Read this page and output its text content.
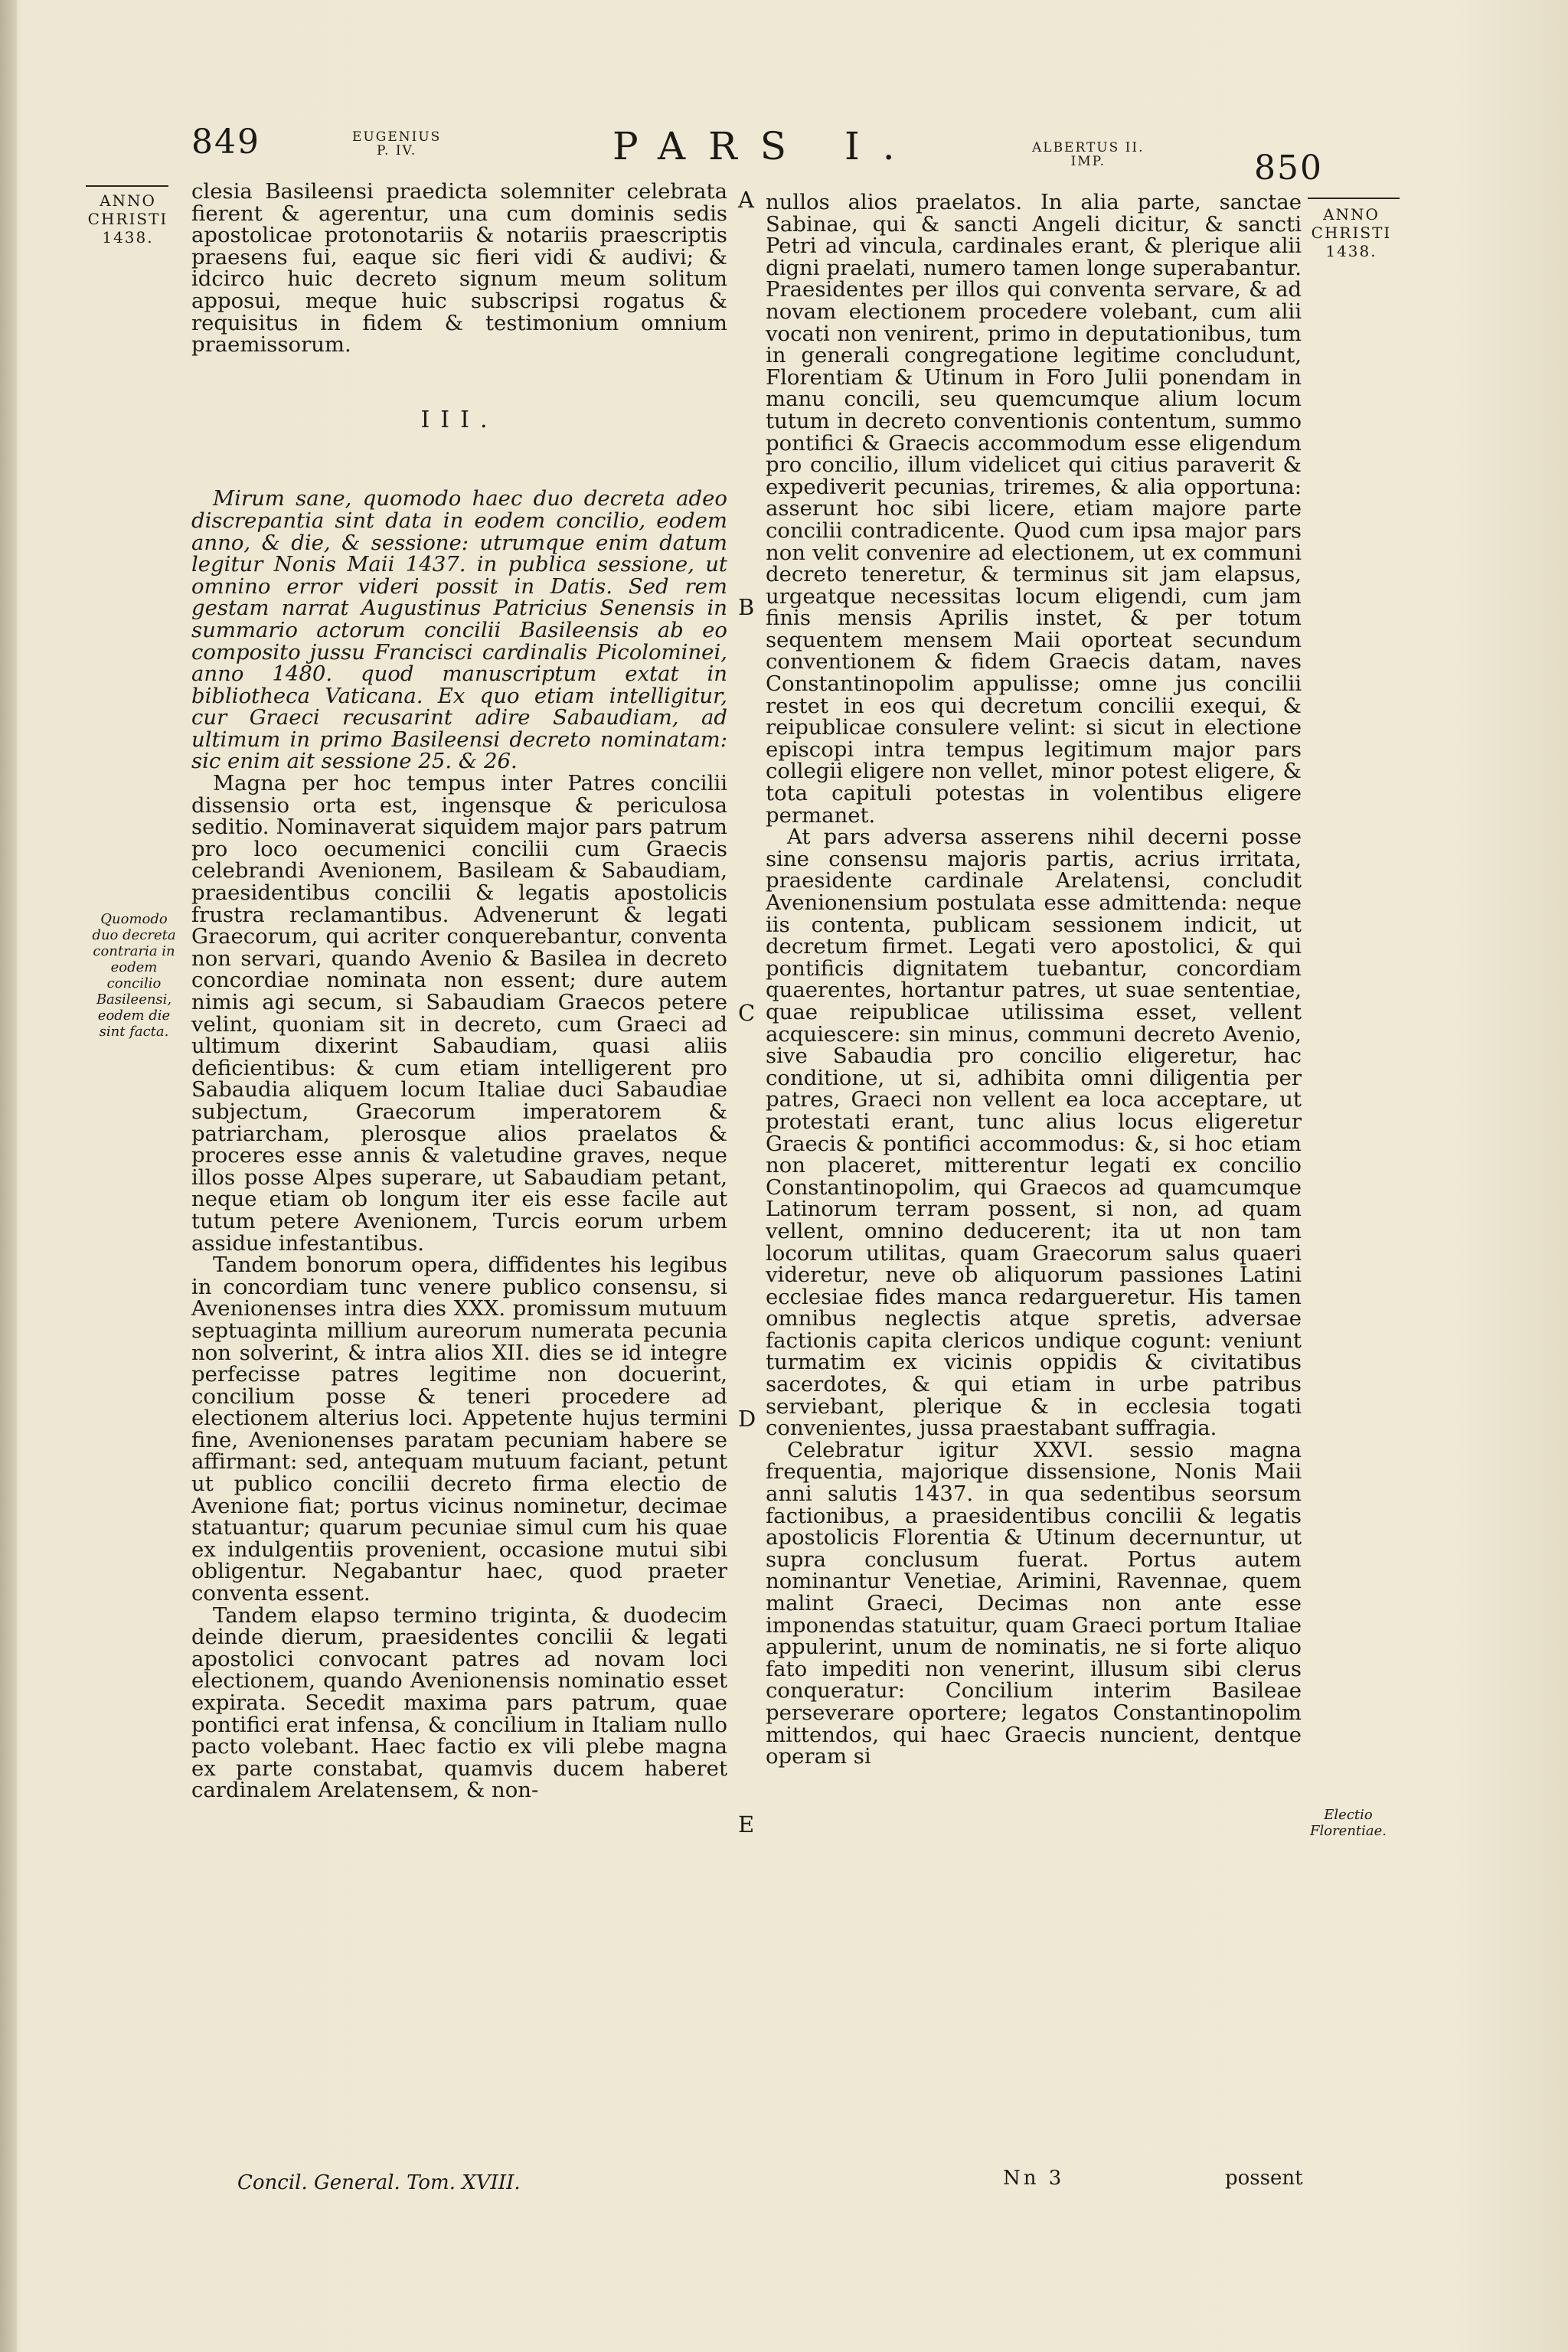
849	EUGENIUS
P. IV.	PARS I.	ALBERTUS II.
IMP.	850
ANNO
CHRISTI
1438.
Quomodo duo decreta contraria in eodem concilio Basileensi, eodem die sint facta.
ANNO
CHRISTI
1438.
Electio Florentiae.
A
B
C
D
E

clesia Basileensi praedicta solemniter celebrata fierent & agerentur, una cum dominis sedis apostolicae protonotariis & notariis praescriptis praesens fui, eaque sic fieri vidi & audivi; & idcirco huic decreto signum meum solitum apposui, meque huic subscripsi rogatus & requisitus in fidem & testimonium omnium praemissorum.

III.

Mirum sane, quomodo haec duo decreta adeo discrepantia sint data in eodem concilio, eodem anno, & die, & sessione: utrumque enim datum legitur Nonis Maii 1437. in publica sessione, ut omnino error videri possit in Datis. Sed rem gestam narrat Augustinus Patricius Senensis in summario actorum concilii Basileensis ab eo composito jussu Francisci cardinalis Picolominei, anno 1480. quod manuscriptum extat in bibliotheca Vaticana. Ex quo etiam intelligitur, cur Graeci recusarint adire Sabaudiam, ad ultimum in primo Basileensi decreto nominatam: sic enim ait sessione 25. & 26.

Magna per hoc tempus inter Patres concilii dissensio orta est, ingensque & periculosa seditio. Nominaverat siquidem major pars patrum pro loco oecumenici concilii cum Graecis celebrandi Avenionem, Basileam & Sabaudiam, praesidentibus concilii & legatis apostolicis frustra reclamantibus. Advenerunt & legati Graecorum, qui acriter conquerebantur, conventa non servari, quando Avenio & Basilea in decreto concordiae nominata non essent; dure autem nimis agi secum, si Sabaudiam Graecos petere velint, quoniam sit in decreto, cum Graeci ad ultimum dixerint Sabaudiam, quasi aliis deficientibus: & cum etiam intelligerent pro Sabaudia aliquem locum Italiae duci Sabaudiae subjectum, Graecorum imperatorem & patriarcham, plerosque alios praelatos & proceres esse annis & valetudine graves, neque illos posse Alpes superare, ut Sabaudiam petant, neque etiam ob longum iter eis esse facile aut tutum petere Avenionem, Turcis eorum urbem assidue infestantibus.

Tandem bonorum opera, diffidentes his legibus in concordiam tunc venere publico consensu, si Avenionenses intra dies XXX. promissum mutuum septuaginta millium aureorum numerata pecunia non solverint, & intra alios XII. dies se id integre perfecisse patres legitime non docuerint, concilium posse & teneri procedere ad electionem alterius loci. Appetente hujus termini fine, Avenionenses paratam pecuniam habere se affirmant: sed, antequam mutuum faciant, petunt ut publico concilii decreto firma electio de Avenione fiat; portus vicinus nominetur, decimae statuantur; quarum pecuniae simul cum his quae ex indulgentiis provenient, occasione mutui sibi obligentur. Negabantur haec, quod praeter conventa essent.

Tandem elapso termino triginta, & duodecim deinde dierum, praesidentes concilii & legati apostolici convocant patres ad novam loci electionem, quando Avenionensis nominatio esset expirata. Secedit maxima pars patrum, quae pontifici erat infensa, & concilium in Italiam nullo pacto volebant. Haec factio ex vili plebe magna ex parte constabat, quamvis ducem haberet cardinalem Arelatensem, & non-

nullos alios praelatos. In alia parte, sanctae Sabinae, qui & sancti Angeli dicitur, & sancti Petri ad vincula, cardinales erant, & plerique alii digni praelati, numero tamen longe superabantur. Praesidentes per illos qui conventa servare, & ad novam electionem procedere volebant, cum alii vocati non venirent, primo in deputationibus, tum in generali congregatione legitime concludunt, Florentiam & Utinum in Foro Julii ponendam in manu concili, seu quemcumque alium locum tutum in decreto conventionis contentum, summo pontifici & Graecis accommodum esse eligendum pro concilio, illum videlicet qui citius paraverit & expediverit pecunias, triremes, & alia opportuna: asserunt hoc sibi licere, etiam majore parte concilii contradicente. Quod cum ipsa major pars non velit convenire ad electionem, ut ex communi decreto teneretur, & terminus sit jam elapsus, urgeatque necessitas locum eligendi, cum jam finis mensis Aprilis instet, & per totum sequentem mensem Maii oporteat secundum conventionem & fidem Graecis datam, naves Constantinopolim appulisse; omne jus concilii restet in eos qui decretum concilii exequi, & reipublicae consulere velint: si sicut in electione episcopi intra tempus legitimum major pars collegii eligere non vellet, minor potest eligere, & tota capituli potestas in volentibus eligere permanet.

At pars adversa asserens nihil decerni posse sine consensu majoris partis, acrius irritata, praesidente cardinale Arelatensi, concludit Avenionensium postulata esse admittenda: neque iis contenta, publicam sessionem indicit, ut decretum firmet. Legati vero apostolici, & qui pontificis dignitatem tuebantur, concordiam quaerentes, hortantur patres, ut suae sententiae, quae reipublicae utilissima esset, vellent acquiescere: sin minus, communi decreto Avenio, sive Sabaudia pro concilio eligeretur, hac conditione, ut si, adhibita omni diligentia per patres, Graeci non vellent ea loca acceptare, ut protestati erant, tunc alius locus eligeretur Graecis & pontifici accommodus: &, si hoc etiam non placeret, mitterentur legati ex concilio Constantinopolim, qui Graecos ad quamcumque Latinorum terram possent, si non, ad quam vellent, omnino deducerent; ita ut non tam locorum utilitas, quam Graecorum salus quaeri videretur, neve ob aliquorum passiones Latini ecclesiae fides manca redargueretur. His tamen omnibus neglectis atque spretis, adversae factionis capita clericos undique cogunt: veniunt turmatim ex vicinis oppidis & civitatibus sacerdotes, & qui etiam in urbe patribus serviebant, plerique & in ecclesia togati convenientes, jussa praestabant suffragia.

Celebratur igitur XXVI. sessio magna frequentia, majorique dissensione, Nonis Maii anni salutis 1437. in qua sedentibus seorsum factionibus, a praesidentibus concilii & legatis apostolicis Florentia & Utinum decernuntur, ut supra conclusum fuerat. Portus autem nominantur Venetiae, Arimini, Ravennae, quem malint Graeci, Decimas non ante esse imponendas statuitur, quam Graeci portum Italiae appulerint, unum de nominatis, ne si forte aliquo fato impediti non venerint, illusum sibi clerus conqueratur: Concilium interim Basileae perseverare oportere; legatos Constantinopolim mittendos, qui haec Graecis nuncient, dentque operam si

Concil. General. Tom. XVIII.	Nn 3	possent
